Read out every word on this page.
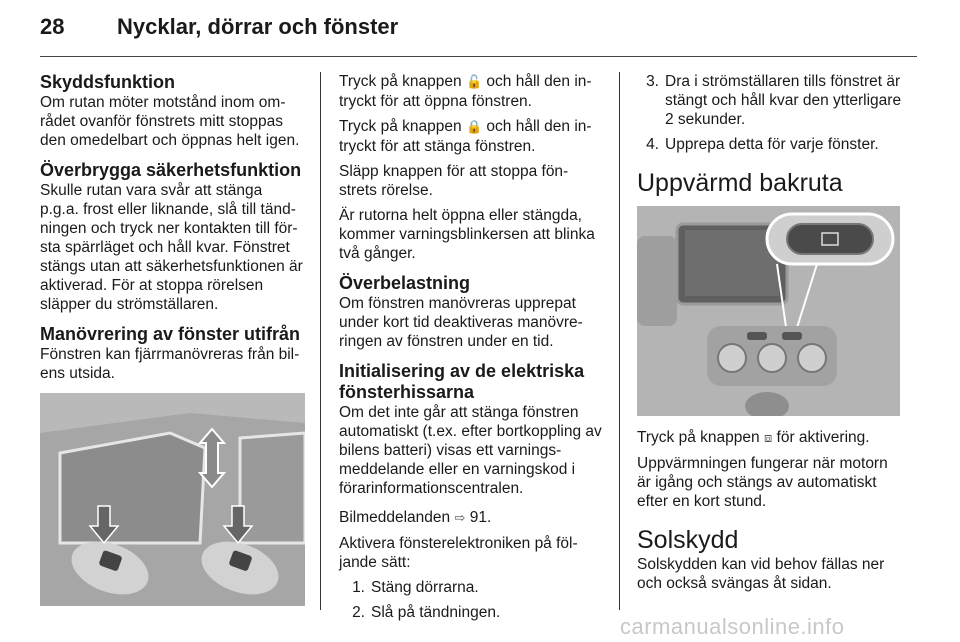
28 Nycklar, dörrar och fönster
Skyddsfunktion

Om rutan möter motstånd inom om-rådet ovanför fönstrets mitt stoppas den omedelbart och öppnas helt igen.

Överbrygga säkerhetsfunktion

Skulle rutan vara svår att stänga p.g.a. frost eller liknande, slå till tänd-ningen och tryck ner kontakten till för-sta spärrläget och håll kvar. Fönstret stängs utan att säkerhetsfunktionen är aktiverad. För at stoppa rörelsen släpper du strömställaren.

Manövrering av fönster utifrån

Fönstren kan fjärrmanövreras från bil-ens utsida.

Tryck på knappen 🔓 och håll den in-tryckt för att öppna fönstren.

Tryck på knappen 🔒 och håll den in-tryckt för att stänga fönstren.

Släpp knappen för att stoppa fön-strets rörelse.

Är rutorna helt öppna eller stängda, kommer varningsblinkersen att blinka två gånger.

Överbelastning

Om fönstren manövreras upprepat under kort tid deaktiveras manövre-ringen av fönstren under en tid.

Initialisering av de elektriska fönsterhissarna

Om det inte går att stänga fönstren automatiskt (t.ex. efter bortkoppling av bilens batteri) visas ett varnings-meddelande eller en varningskod i förarinformationscentralen.

Bilmeddelanden ⇨ 91.

Aktivera fönsterelektroniken på föl-jande sätt:

1. Stäng dörrarna.
2. Slå på tändningen.
3. Dra i strömställaren tills fönstret är stängt och håll kvar den ytterligare 2 sekunder.
4. Upprepa detta för varje fönster.
Uppvärmd bakruta

Tryck på knappen ⧈ för aktivering.

Uppvärmningen fungerar när motorn är igång och stängs av automatiskt efter en kort stund.

Solskydd

Solskydden kan vid behov fällas ner och också svängas åt sidan.

carmanualsonline.info
